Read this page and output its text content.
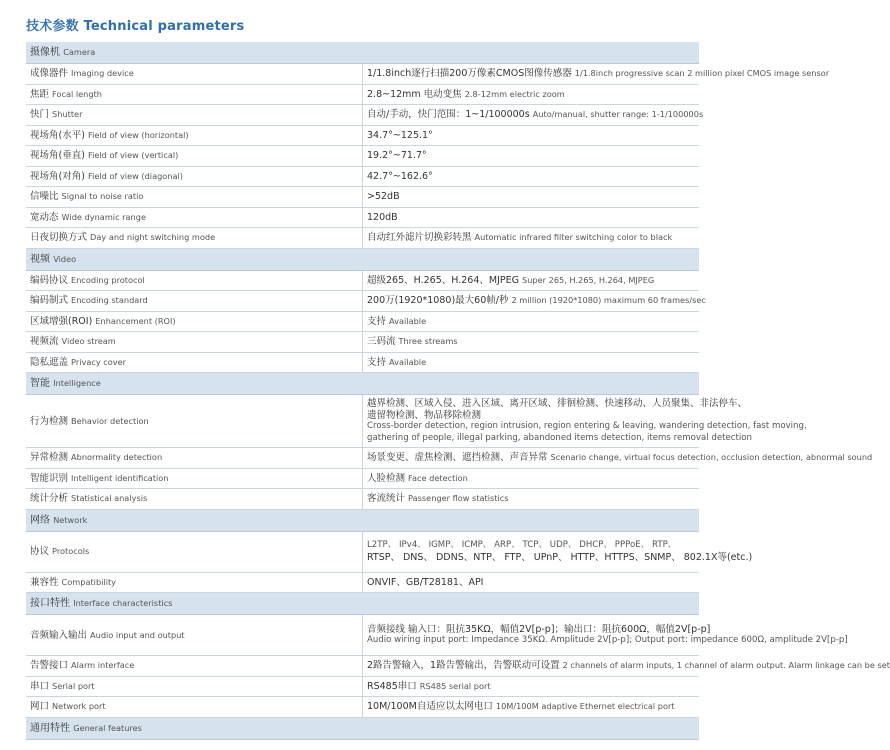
技术参数 Technical parameters
摄像机 Camera	
成像器件 Imaging device	1/1.8inch逐行扫描200万像素CMOS图像传感器 1/1.8inch progressive scan 2 million pixel CMOS image sensor
焦距 Focal length	2.8~12mm 电动变焦 2.8-12mm electric zoom
快门 Shutter	自动/手动，快门范围：1~1/100000s Auto/manual, shutter range: 1-1/100000s
视场角(水平) Field of view (horizontal)	34.7°~125.1°
视场角(垂直) Field of view (vertical)	19.2°~71.7°
视场角(对角) Field of view (diagonal)	42.7°~162.6°
信噪比 Signal to noise ratio	>52dB
宽动态 Wide dynamic range	120dB
日夜切换方式 Day and night switching mode	自动红外滤片切换彩转黑 Automatic infrared filter switching color to black
视频 Video	
编码协议 Encoding protocol	超级265、H.265、H.264、MJPEG Super 265, H.265, H.264, MJPEG
编码制式 Encoding standard	200万(1920*1080)最大60帧/秒 2 million (1920*1080) maximum 60 frames/sec
区域增强(ROI) Enhancement (ROI)	支持 Available
视频流 Video stream	三码流 Three streams
隐私遮盖 Privacy cover	支持 Available
智能 Intelligence	
行为检测 Behavior detection	越界检测、区域入侵、进入区域、离开区域、徘徊检测、快速移动、人员聚集、非法停车、
遗留物检测、物品移除检测
Cross-border detection, region intrusion, region entering & leaving, wandering detection, fast moving,
gathering of people, illegal parking, abandoned items detection, items removal detection

异常检测 Abnormality detection	场景变更、虚焦检测、遮挡检测、声音异常 Scenario change, virtual focus detection, occlusion detection, abnormal sound
智能识别 Intelligent identification	人脸检测 Face detection
统计分析 Statistical analysis	客流统计 Passenger flow statistics
网络 Network	
协议 Protocols	L2TP、 IPv4、 IGMP、 ICMP、 ARP、 TCP、 UDP、 DHCP、 PPPoE、 RTP、
RTSP、 DNS、 DDNS、NTP、 FTP、 UPnP、 HTTP、HTTPS、SNMP、 802.1X等(etc.)

兼容性 Compatibility	ONVIF、GB/T28181、API
接口特性 Interface characteristics	
音频输入输出 Audio input and output	音频接线 输入口：阻抗35KΩ，幅值2V[p-p]；输出口：阻抗600Ω，幅值2V[p-p]
Audio wiring input port: Impedance 35KΩ. Amplitude 2V[p-p]; Output port: impedance 600Ω, amplitude 2V[p-p]

告警接口 Alarm interface	2路告警输入，1路告警输出，告警联动可设置 2 channels of alarm inputs, 1 channel of alarm output. Alarm linkage can be set
串口 Serial port	RS485串口 RS485 serial port
网口 Network port	10M/100M自适应以太网电口 10M/100M adaptive Ethernet electrical port
通用特性 General features	
